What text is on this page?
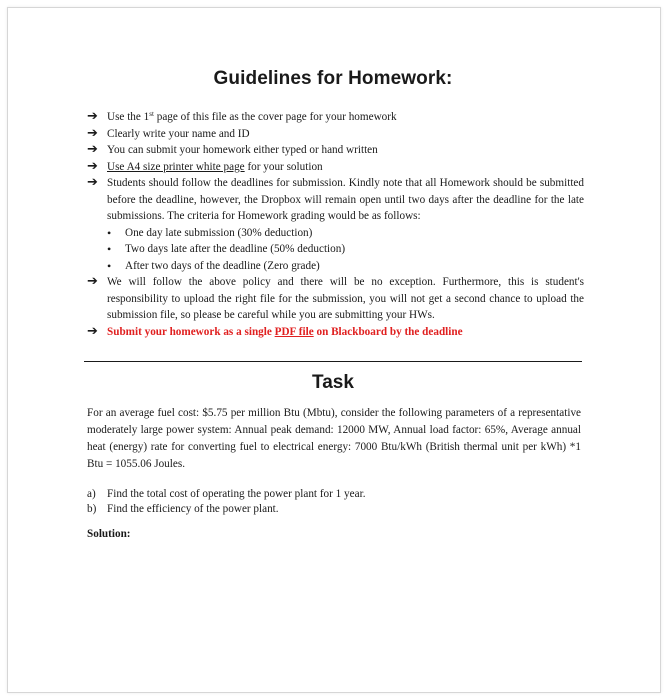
Guidelines for Homework:
➔ Use the 1st page of this file as the cover page for your homework
➔ Clearly write your name and ID
➔ You can submit your homework either typed or hand written
➔ Use A4 size printer white page for your solution
➔ Students should follow the deadlines for submission. Kindly note that all Homework should be submitted before the deadline, however, the Dropbox will remain open until two days after the deadline for the late submissions. The criteria for Homework grading would be as follows:
• One day late submission (30% deduction)
• Two days late after the deadline (50% deduction)
• After two days of the deadline (Zero grade)
➔ We will follow the above policy and there will be no exception. Furthermore, this is student's responsibility to upload the right file for the submission, you will not get a second chance to upload the submission file, so please be careful while you are submitting your HWs.
➔ Submit your homework as a single PDF file on Blackboard by the deadline
Task
For an average fuel cost: $5.75 per million Btu (Mbtu), consider the following parameters of a representative moderately large power system: Annual peak demand: 12000 MW, Annual load factor: 65%, Average annual heat (energy) rate for converting fuel to electrical energy: 7000 Btu/kWh (British thermal unit per kWh) *1 Btu = 1055.06 Joules.
a) Find the total cost of operating the power plant for 1 year.
b) Find the efficiency of the power plant.
Solution:
